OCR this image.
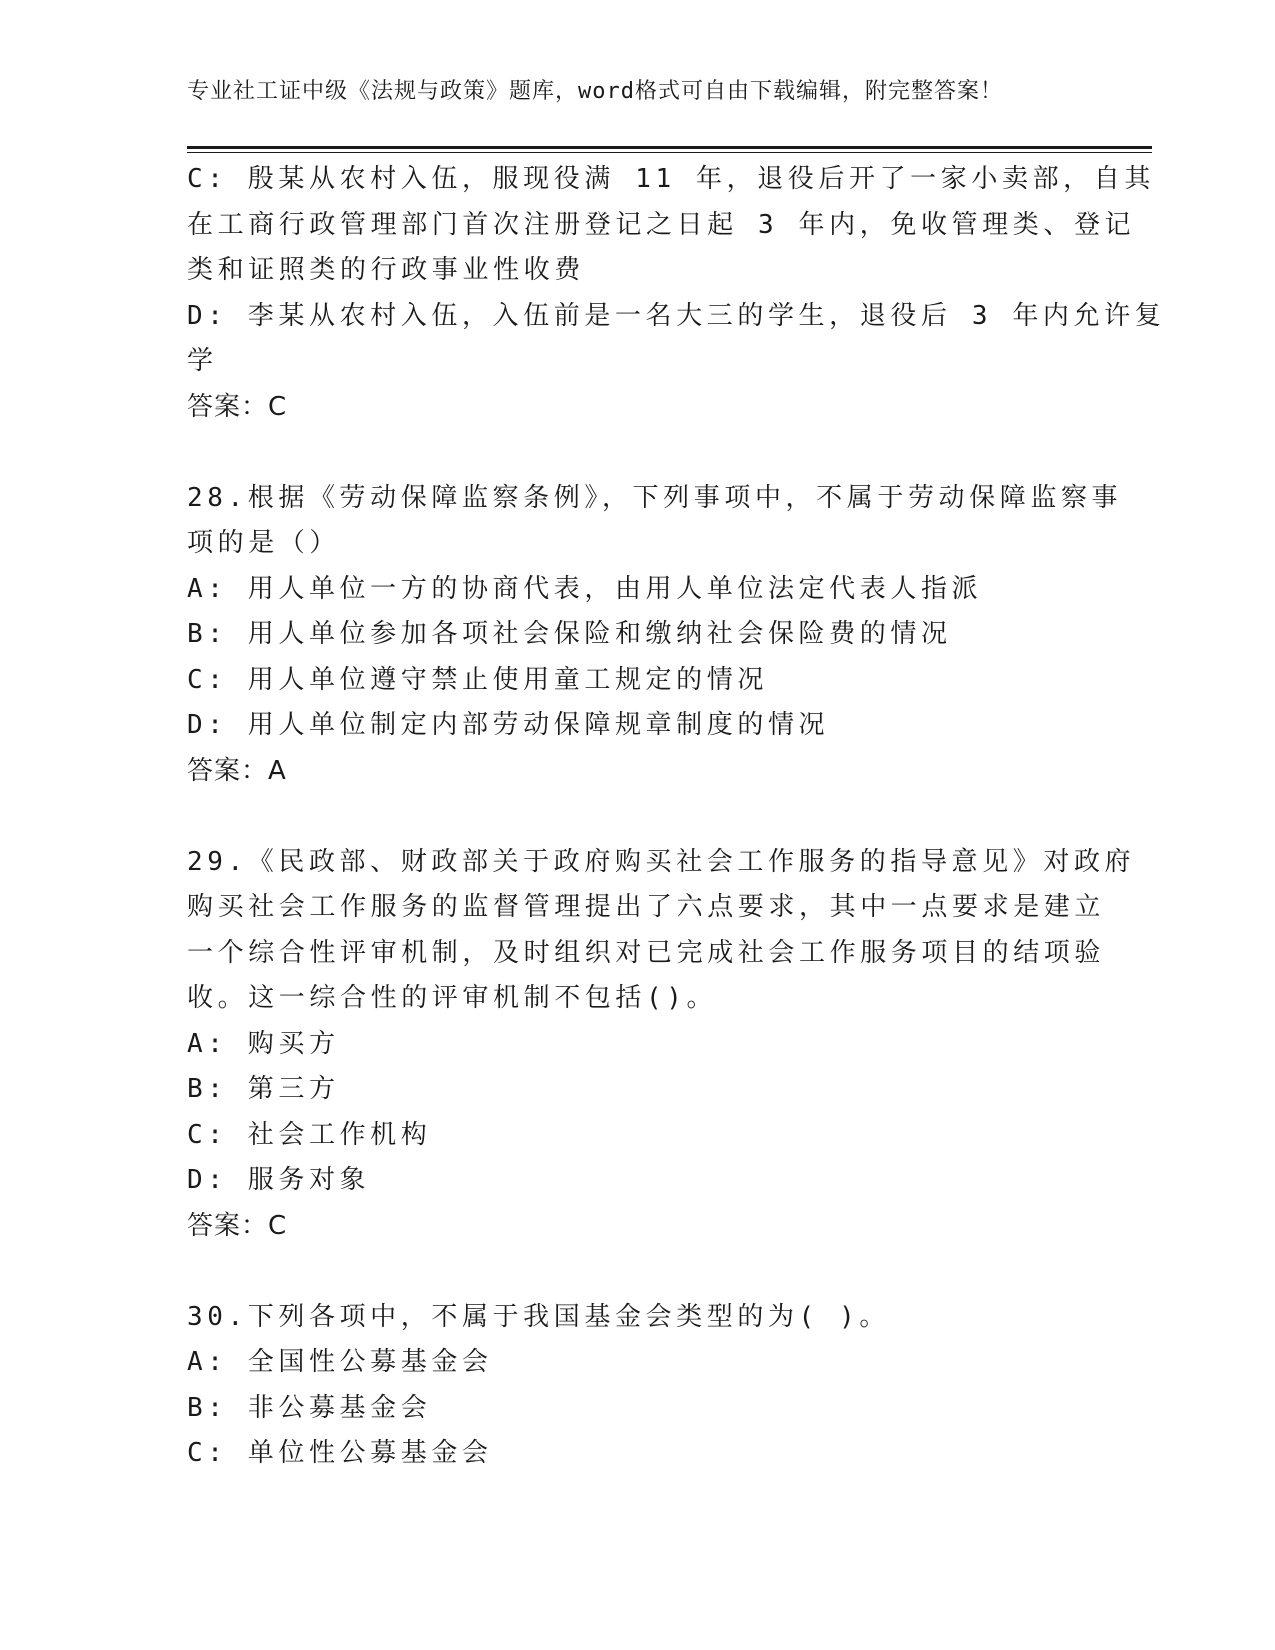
专业社工证中级《法规与政策》题库，word格式可自由下载编辑，附完整答案！
C: 殷某从农村入伍，服现役满 11 年，退役后开了一家小卖部，自其
在工商行政管理部门首次注册登记之日起 3 年内，免收管理类、登记
类和证照类的行政事业性收费
D: 李某从农村入伍，入伍前是一名大三的学生，退役后 3 年内允许复
学
答案：C
28.根据《劳动保障监察条例》，下列事项中，不属于劳动保障监察事
项的是（）
A: 用人单位一方的协商代表，由用人单位法定代表人指派
B: 用人单位参加各项社会保险和缴纳社会保险费的情况
C: 用人单位遵守禁止使用童工规定的情况
D: 用人单位制定内部劳动保障规章制度的情况
答案：A
29.《民政部、财政部关于政府购买社会工作服务的指导意见》对政府
购买社会工作服务的监督管理提出了六点要求，其中一点要求是建立
一个综合性评审机制，及时组织对已完成社会工作服务项目的结项验
收。这一综合性的评审机制不包括()。
A: 购买方
B: 第三方
C: 社会工作机构
D: 服务对象
答案：C
30.下列各项中，不属于我国基金会类型的为( )。
A: 全国性公募基金会
B: 非公募基金会
C: 单位性公募基金会
